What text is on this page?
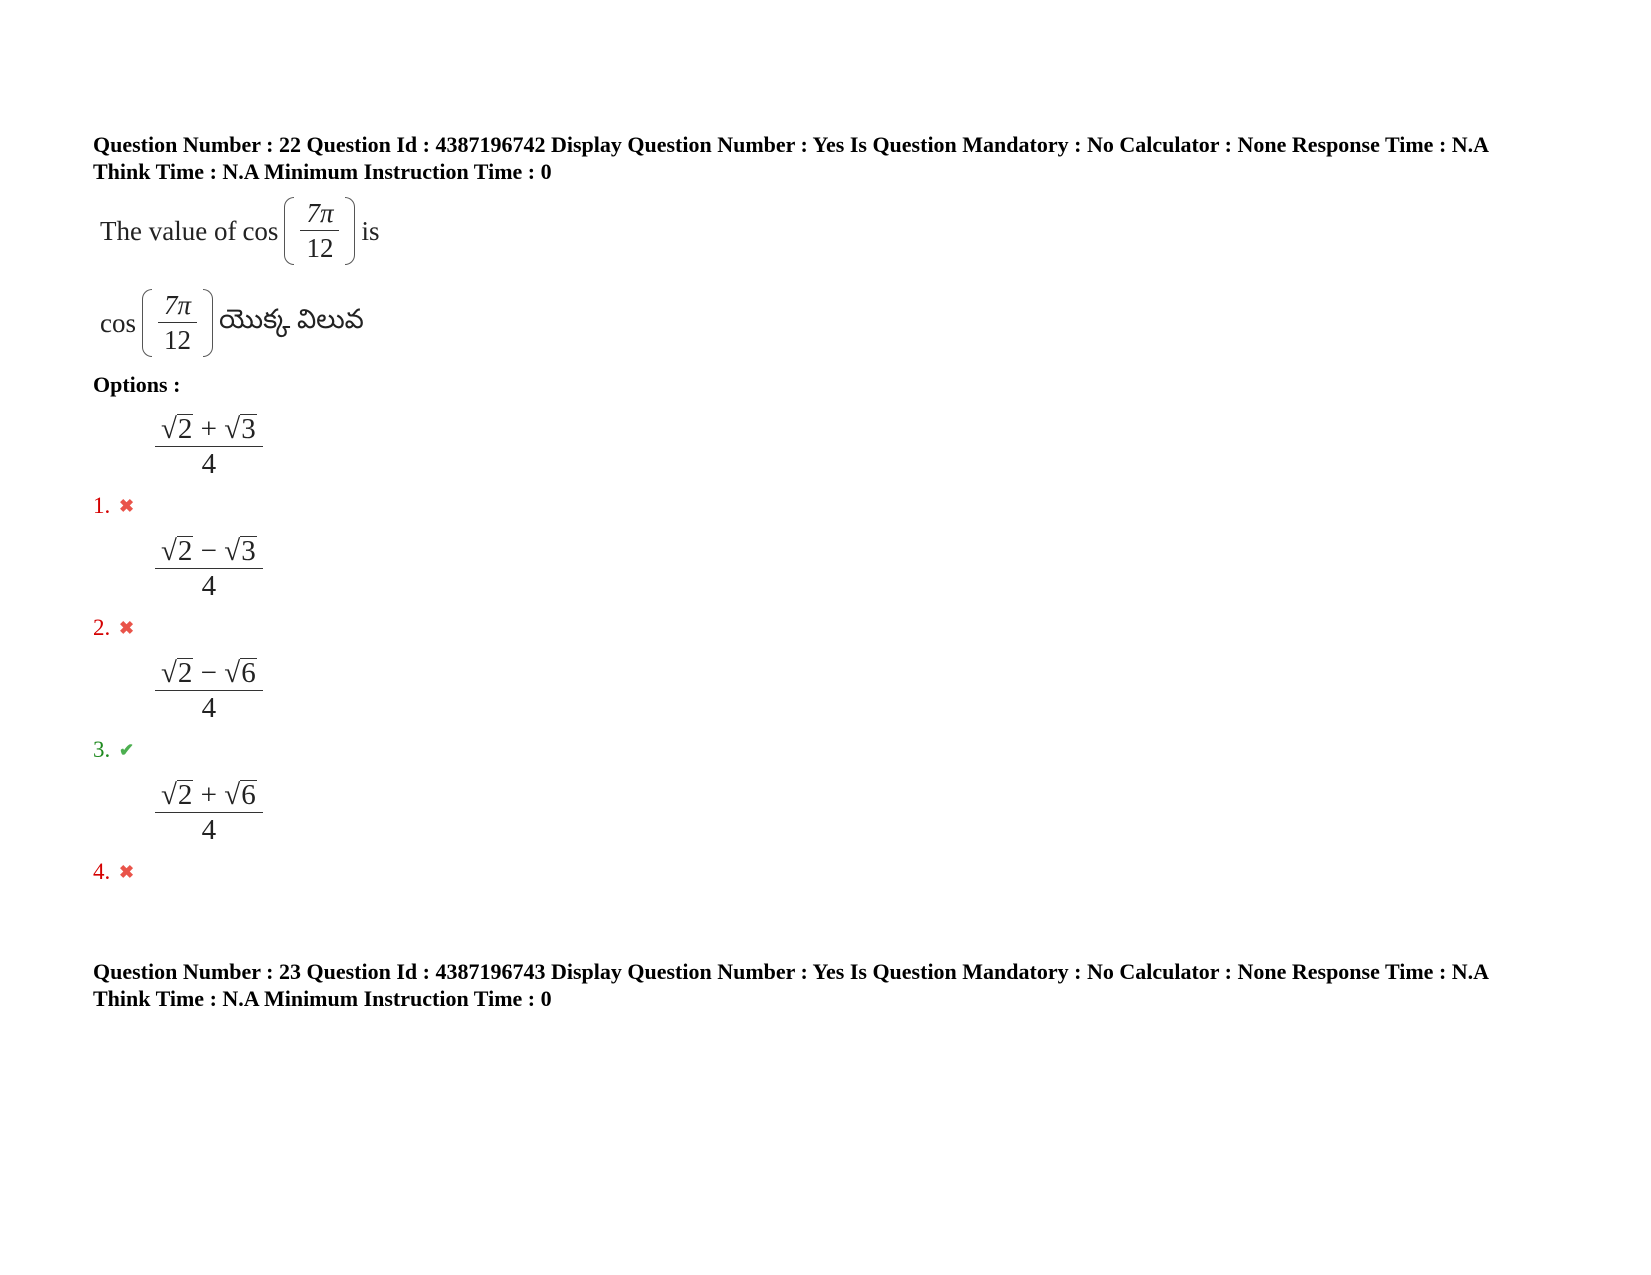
Question Number : 22 Question Id : 4387196742 Display Question Number : Yes Is Question Mandatory : No Calculator : None Response Time : N.A Think Time : N.A Minimum Instruction Time : 0
The value of $\cos \frac{7\pi}{12}$ is
$\cos \frac{7\pi}{12}$ యొక్క విలువ
Options :
1. ✖
$\frac{√2 + √3}{4}$
2. ✖
$\frac{√2 - √3}{4}$
3. ✔
$\frac{√2 - √6}{4}$
4. ✖
$\frac{√2 + √6}{4}$
Question Number : 23 Question Id : 4387196743 Display Question Number : Yes Is Question Mandatory : No Calculator : None Response Time : N.A Think Time : N.A Minimum Instruction Time : 0
